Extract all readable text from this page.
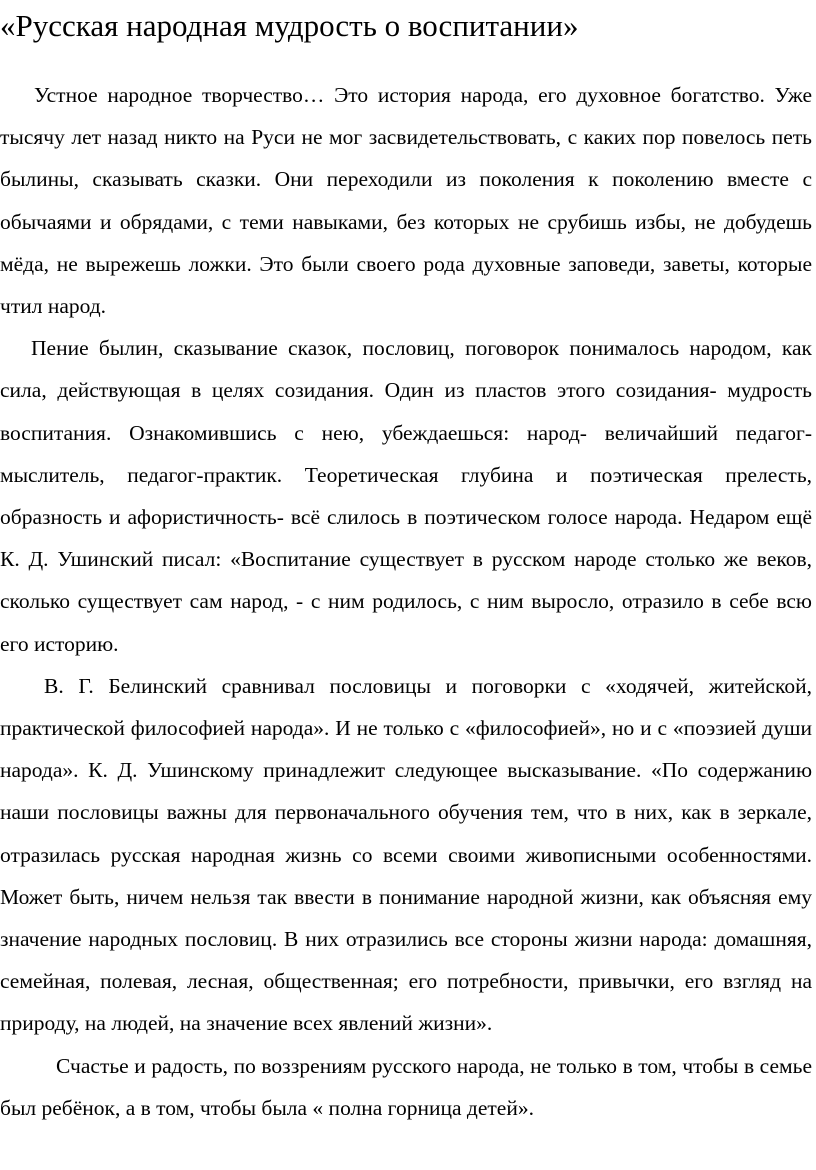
«Русская народная мудрость о воспитании»

Устное народное творчество… Это история народа, его духовное богатство. Уже тысячу лет назад никто на Руси не мог засвидетельствовать, с каких пор повелось петь былины, сказывать сказки. Они переходили из поколения к поколению вместе с обычаями и обрядами, с теми навыками, без которых не срубишь избы, не добудешь мёда, не вырежешь ложки. Это были своего рода духовные заповеди, заветы, которые чтил народ.

Пение былин, сказывание сказок, пословиц, поговорок понималось народом, как сила, действующая в целях созидания. Один из пластов этого созидания- мудрость воспитания. Ознакомившись с нею, убеждаешься: народ- величайший педагог-мыслитель, педагог-практик. Теоретическая глубина и поэтическая прелесть, образность и афористичность- всё слилось в поэтическом голосе народа. Недаром ещё К. Д. Ушинский писал: «Воспитание существует в русском народе столько же веков, сколько существует сам народ, - с ним родилось, с ним выросло, отразило в себе всю его историю.

В. Г. Белинский сравнивал пословицы и поговорки с «ходячей, житейской, практической философией народа». И не только с «философией», но и с «поэзией души народа». К. Д. Ушинскому принадлежит следующее высказывание. «По содержанию наши пословицы важны для первоначального обучения тем, что в них, как в зеркале, отразилась русская народная жизнь со всеми своими живописными особенностями. Может быть, ничем нельзя так ввести в понимание народной жизни, как объясняя ему значение народных пословиц. В них отразились все стороны жизни народа: домашняя, семейная, полевая, лесная, общественная; его потребности, привычки, его взгляд на природу, на людей, на значение всех явлений жизни».

Счастье и радость, по воззрениям русского народа, не только в том, чтобы в семье был ребёнок, а в том, чтобы была « полна горница детей».
